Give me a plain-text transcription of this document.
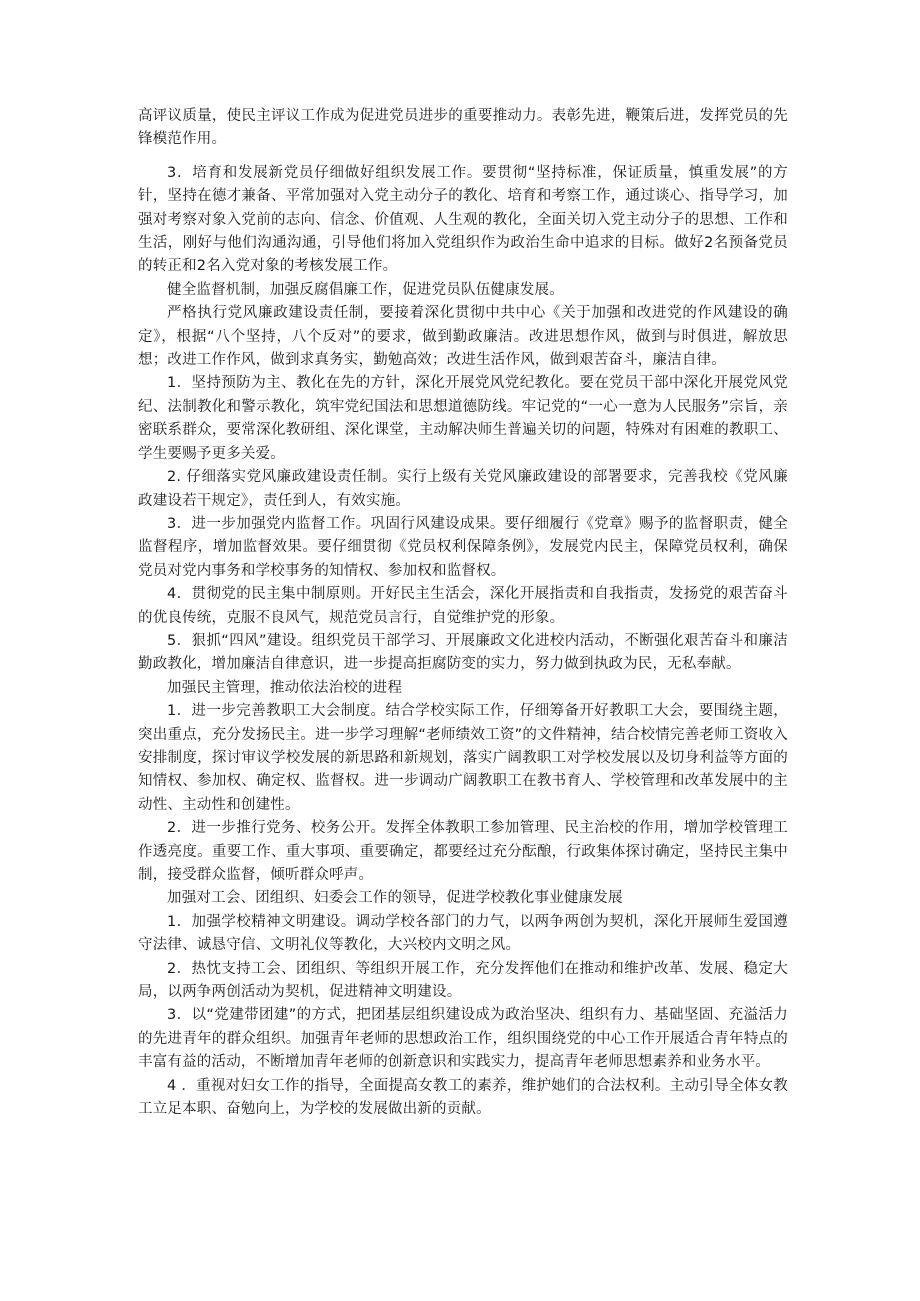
高评议质量，使民主评议工作成为促进党员进步的重要推动力。表彰先进，鞭策后进，发挥党员的先锋模范作用。

3．培育和发展新党员仔细做好组织发展工作。要贯彻“坚持标准，保证质量，慎重发展”的方针，坚持在德才兼备、平常加强对入党主动分子的教化、培育和考察工作，通过谈心、指导学习，加强对考察对象入党前的志向、信念、价值观、人生观的教化，全面关切入党主动分子的思想、工作和生活，刚好与他们沟通沟通，引导他们将加入党组织作为政治生命中追求的目标。做好2名预备党员的转正和2名入党对象的考核发展工作。

健全监督机制，加强反腐倡廉工作，促进党员队伍健康发展。

严格执行党风廉政建设责任制，要接着深化贯彻中共中心《关于加强和改进党的作风建设的确定》，根据“八个坚持，八个反对”的要求，做到勤政廉洁。改进思想作风，做到与时俱进，解放思想；改进工作作风，做到求真务实，勤勉高效；改进生活作风，做到艰苦奋斗，廉洁自律。

1．坚持预防为主、教化在先的方针，深化开展党风党纪教化。要在党员干部中深化开展党风党纪、法制教化和警示教化，筑牢党纪国法和思想道德防线。牢记党的“一心一意为人民服务”宗旨，亲密联系群众，要常深化教研组、深化课堂，主动解决师生普遍关切的问题，特殊对有困难的教职工、学生要赐予更多关爱。

2. 仔细落实党风廉政建设责任制。实行上级有关党风廉政建设的部署要求，完善我校《党风廉政建设若干规定》，责任到人，有效实施。

3．进一步加强党内监督工作。巩固行风建设成果。要仔细履行《党章》赐予的监督职责，健全监督程序，增加监督效果。要仔细贯彻《党员权利保障条例》，发展党内民主，保障党员权利，确保党员对党内事务和学校事务的知情权、参加权和监督权。

4．贯彻党的民主集中制原则。开好民主生活会，深化开展指责和自我指责，发扬党的艰苦奋斗的优良传统，克服不良风气，规范党员言行，自觉维护党的形象。

5．狠抓“四风”建设。组织党员干部学习、开展廉政文化进校内活动，不断强化艰苦奋斗和廉洁勤政教化，增加廉洁自律意识，进一步提高拒腐防变的实力，努力做到执政为民，无私奉献。

加强民主管理，推动依法治校的进程

1．进一步完善教职工大会制度。结合学校实际工作，仔细筹备开好教职工大会，要围绕主题，突出重点，充分发扬民主。进一步学习理解“老师绩效工资”的文件精神，结合校情完善老师工资收入安排制度，探讨审议学校发展的新思路和新规划，落实广阔教职工对学校发展以及切身利益等方面的知情权、参加权、确定权、监督权。进一步调动广阔教职工在教书育人、学校管理和改革发展中的主动性、主动性和创建性。

2．进一步推行党务、校务公开。发挥全体教职工参加管理、民主治校的作用，增加学校管理工作透亮度。重要工作、重大事项、重要确定，都要经过充分酝酿，行政集体探讨确定，坚持民主集中制，接受群众监督，倾听群众呼声。

加强对工会、团组织、妇委会工作的领导，促进学校教化事业健康发展

1．加强学校精神文明建设。调动学校各部门的力气，以两争两创为契机，深化开展师生爱国遵守法律、诚恳守信、文明礼仪等教化，大兴校内文明之风。

2．热忱支持工会、团组织、等组织开展工作，充分发挥他们在推动和维护改革、发展、稳定大局，以两争两创活动为契机，促进精神文明建设。

3．以“党建带团建”的方式，把团基层组织建设成为政治坚决、组织有力、基础坚固、充溢活力的先进青年的群众组织。加强青年老师的思想政治工作，组织围绕党的中心工作开展适合青年特点的丰富有益的活动，不断增加青年老师的创新意识和实践实力，提高青年老师思想素养和业务水平。

4 ．重视对妇女工作的指导，全面提高女教工的素养，维护她们的合法权利。主动引导全体女教工立足本职、奋勉向上，为学校的发展做出新的贡献。
